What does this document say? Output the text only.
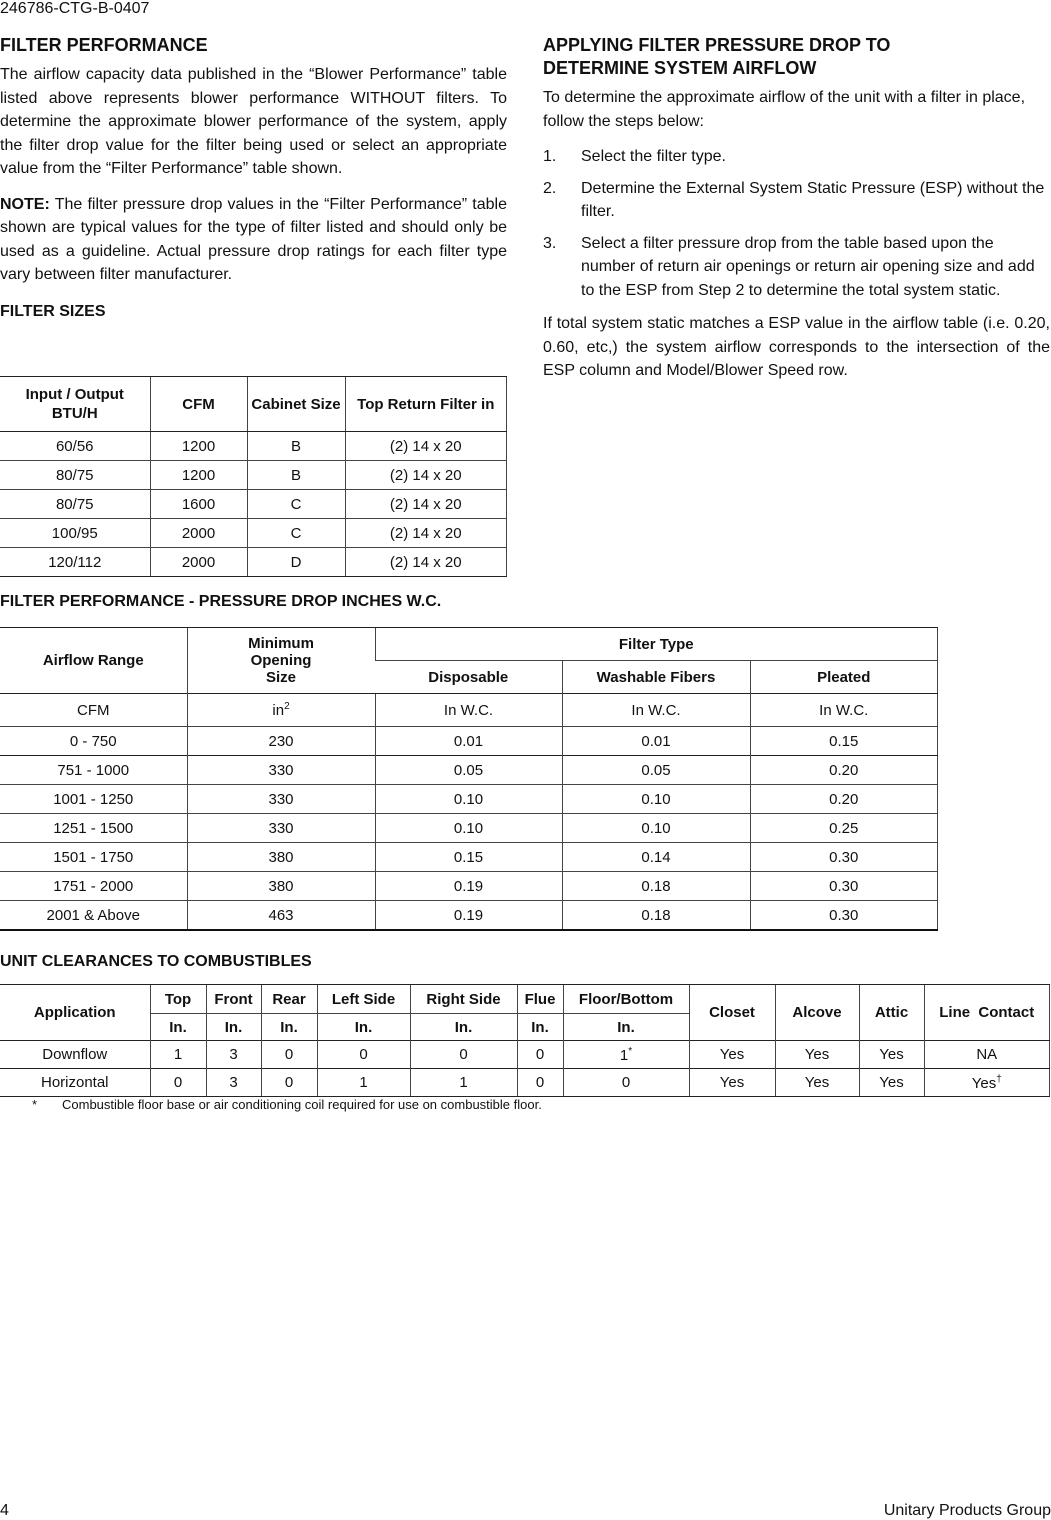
246786-CTG-B-0407
FILTER PERFORMANCE

The airflow capacity data published in the “Blower Performance” table listed above represents blower performance WITHOUT filters. To determine the approximate blower performance of the system, apply the filter drop value for the filter being used or select an appropriate value from the “Filter Performance” table shown.

NOTE: The filter pressure drop values in the “Filter Performance” table shown are typical values for the type of filter listed and should only be used as a guideline. Actual pressure drop ratings for each filter type vary between filter manufacturer.

FILTER SIZES
APPLYING FILTER PRESSURE DROP TO
DETERMINE SYSTEM AIRFLOW

To determine the approximate airflow of the unit with a filter in place, follow the steps below:

1. Select the filter type.
2. Determine the External System Static Pressure (ESP) without the filter.
3. Select a filter pressure drop from the table based upon the number of return air openings or return air opening size and add to the ESP from Step 2 to determine the total system static.

If total system static matches a ESP value in the airflow table (i.e. 0.20, 0.60, etc,) the system airflow corresponds to the intersection of the ESP column and Model/Blower Speed row.

Input / Output BTU/H	CFM	Cabinet Size	Top Return Filter in
60/56	1200	B	(2) 14 x 20
80/75	1200	B	(2) 14 x 20
80/75	1600	C	(2) 14 x 20
100/95	2000	C	(2) 14 x 20
120/112	2000	D	(2) 14 x 20
FILTER PERFORMANCE - PRESSURE DROP INCHES W.C.
Airflow Range	Minimum Opening Size	Filter Type		
		Disposable	Washable Fibers	Pleated
CFM	$in^2$	In W.C.	In W.C.	In W.C.
0 - 750	230	0.01	0.01	0.15
751 - 1000	330	0.05	0.05	0.20
1001 - 1250	330	0.10	0.10	0.20
1251 - 1500	330	0.10	0.10	0.25
1501 - 1750	380	0.15	0.14	0.30
1751 - 2000	380	0.19	0.18	0.30
2001 & Above	463	0.19	0.18	0.30
UNIT CLEARANCES TO COMBUSTIBLES
Application	Top	Front	Rear	Left Side	Right Side	Flue	Floor/Bottom	Closet	Alcove	Attic	Line  Contact
	In.	In.	In.	In.	In.	In.	In.				
Downflow	1	3	0	0	0	0	1*	Yes	Yes	Yes	NA
Horizontal	0	3	0	1	1	0	0	Yes	Yes	Yes	Yes†
* Combustible floor base or air conditioning coil required for use on combustible floor.
4	Unitary Products Group
